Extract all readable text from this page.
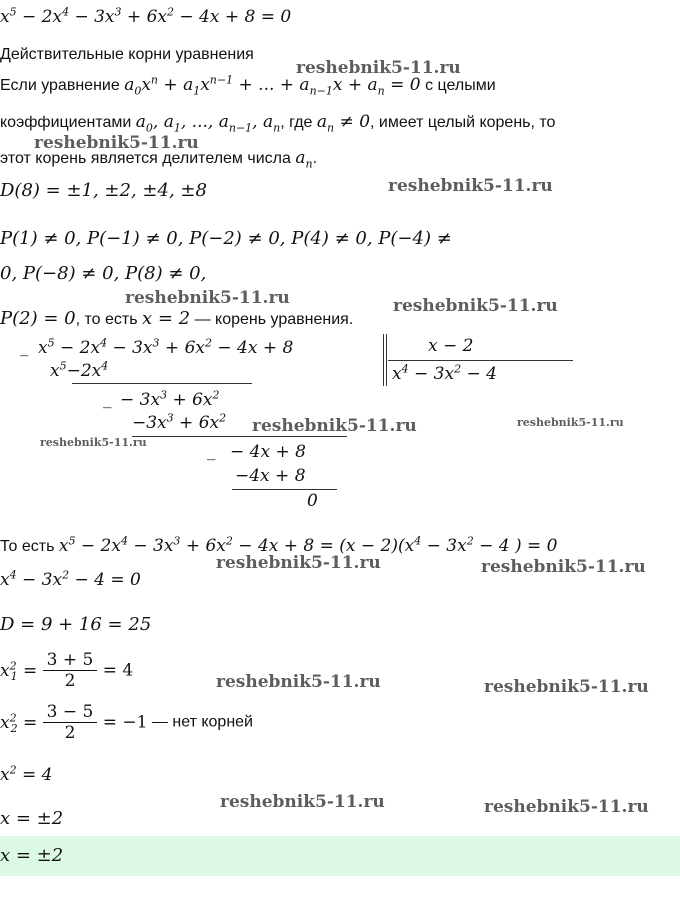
$x^5 - 2x^4 - 3x^3 + 6x^2 - 4x + 8 = 0$
Действительные корни уравнения
Если уравнение $a_0x^n + a_1x^{n-1}$ + ... + $a_{n-1}x + a_n = 0$ с целыми
коэффициентами $a_0$, $a_1$, ..., $a_{n-1}$, $a_n$, где $a_n \ne 0$, имеет целый корень, то
этот корень является делителем числа $a_n$.
D(8) = ±1, ±2, ±4, ±8
P(1) ≠ 0, P(−1) ≠ 0, P(−2) ≠ 0, P(4) ≠ 0, P(−4) ≠
0, P(−8) ≠ 0, P(8) ≠ 0,
P(2) = 0, то есть x = 2 — корень уравнения.
_ $x^5 - 2x^4 - 3x^3 + 6x^2 - 4x + 8$	x − 2
$x^4 - 3x^2 - 4$
$x^5-2x^4$
_ − $3x^3 + 6x^2$
$-3x^3 + 6x^2$
_ − 4x + 8
−4x + 8
0
То есть $x^5 - 2x^4 - 3x^3 + 6x^2 - 4x + 8 = (x - 2)(x^4 - 3x^2 - 4$ ) = 0
$x^4 - 3x^2 - 4 = 0$
D = 9 + 16 = 25
$x^2_1 = \frac{3 + 5}{2} = 4$
$x^2_2 = \frac{3 - 5}{2} = -1$ — нет корней
$x^2 = 4$
x = ±2
x = ±2
reshebnik5-11.ru
reshebnik5-11.ru
reshebnik5-11.ru
reshebnik5-11.ru	reshebnik5-11.ru
reshebnik5-11.ru	reshebnik5-11.ru
reshebnik5-11.ru
reshebnik5-11.ru	reshebnik5-11.ru
reshebnik5-11.ru	reshebnik5-11.ru
reshebnik5-11.ru	reshebnik5-11.ru
